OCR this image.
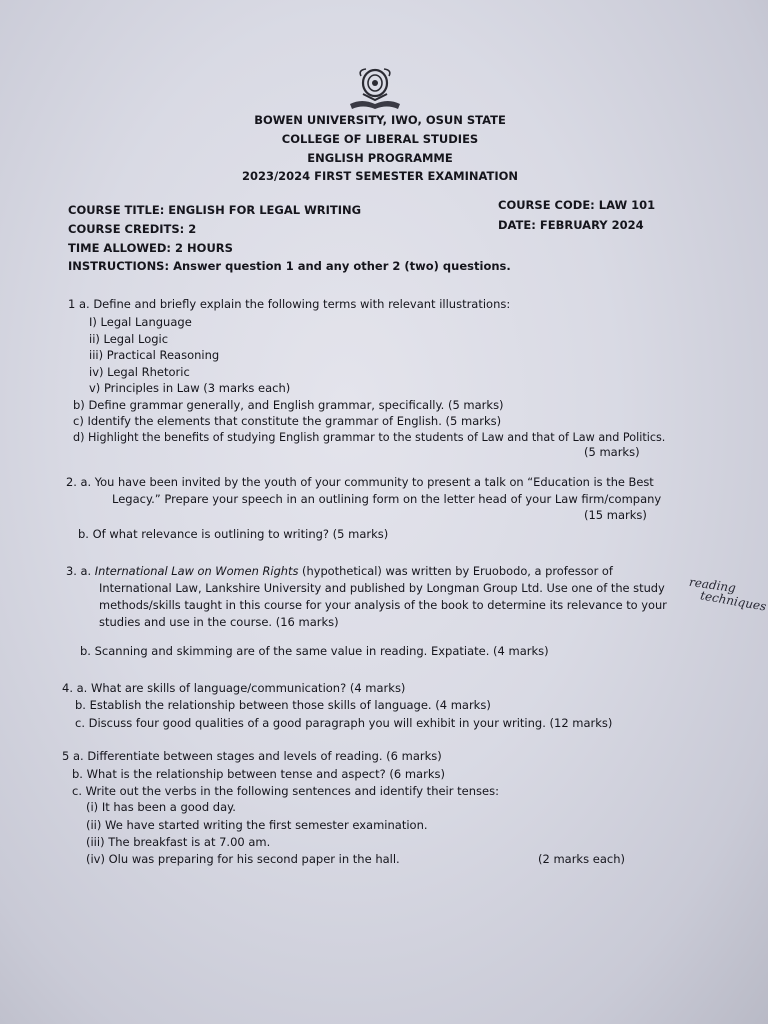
BOWEN UNIVERSITY, IWO, OSUN STATE
COLLEGE OF LIBERAL STUDIES
ENGLISH PROGRAMME
2023/2024 FIRST SEMESTER EXAMINATION
COURSE TITLE: ENGLISH FOR LEGAL WRITING	COURSE CODE: LAW 101
COURSE CREDITS: 2	DATE: FEBRUARY 2024
TIME ALLOWED: 2 HOURS
INSTRUCTIONS: Answer question 1 and any other 2 (two) questions.
1 a. Define and briefly explain the following terms with relevant illustrations:
I) Legal Language
ii) Legal Logic
iii) Practical Reasoning
iv) Legal Rhetoric
v) Principles in Law (3 marks each)
b) Define grammar generally, and English grammar, specifically. (5 marks)
c) Identify the elements that constitute the grammar of English. (5 marks)
d) Highlight the benefits of studying English grammar to the students of Law and that of Law and Politics.
(5 marks)
2. a. You have been invited by the youth of your community to present a talk on “Education is the Best
Legacy.” Prepare your speech in an outlining form on the letter head of your Law firm/company
(15 marks)
b. Of what relevance is outlining to writing? (5 marks)
3. a. International Law on Women Rights (hypothetical) was written by Eruobodo, a professor of
International Law, Lankshire University and published by Longman Group Ltd. Use one of the study
methods/skills taught in this course for your analysis of the book to determine its relevance to your
studies and use in the course. (16 marks)
reading
techniques
b. Scanning and skimming are of the same value in reading. Expatiate. (4 marks)
4. a. What are skills of language/communication? (4 marks)
b. Establish the relationship between those skills of language. (4 marks)
c. Discuss four good qualities of a good paragraph you will exhibit in your writing. (12 marks)
5 a. Differentiate between stages and levels of reading. (6 marks)
b. What is the relationship between tense and aspect? (6 marks)
c. Write out the verbs in the following sentences and identify their tenses:
(i) It has been a good day.
(ii) We have started writing the first semester examination.
(iii) The breakfast is at 7.00 am.
(iv) Olu was preparing for his second paper in the hall.	(2 marks each)
